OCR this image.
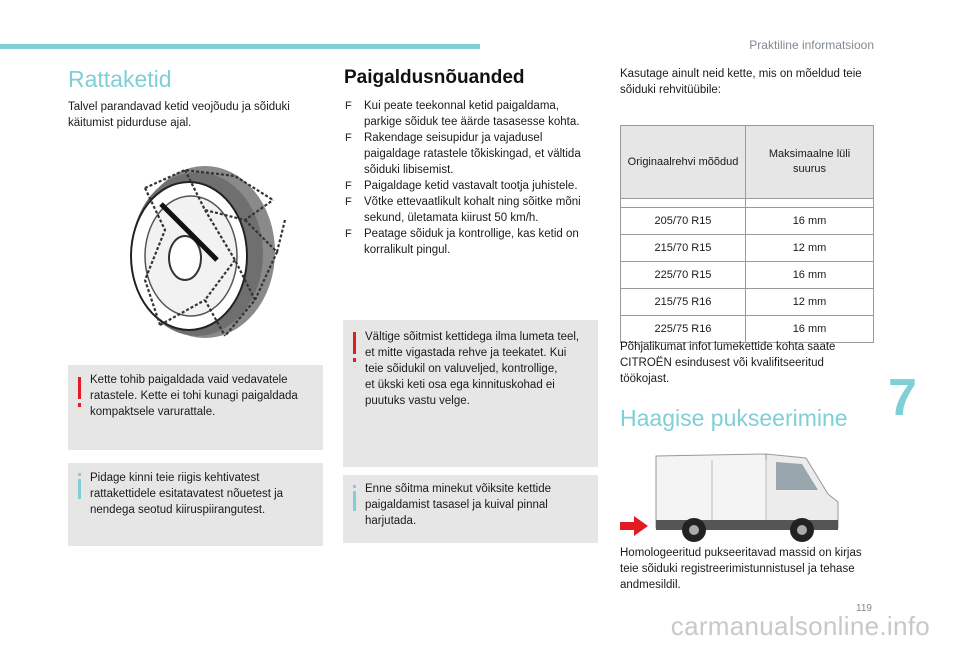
Praktiline informatsioon
Rattaketid
Talvel parandavad ketid veojõudu ja sõiduki käitumist pidurduse ajal.
Kette tohib paigaldada vaid vedavatele
ratastele. Kette ei tohi kunagi paigaldada
kompaktsele varurattale.
Pidage kinni teie riigis kehtivatest
rattakettidele esitatavatest nõuetest ja
nendega seotud kiiruspiirangutest.
Paigaldusnõuanded
F Kui peate teekonnal ketid paigaldama,
parkige sõiduk tee äärde tasasesse kohta.
F Rakendage seisupidur ja vajadusel
paigaldage ratastele tõkiskingad, et vältida
sõiduki libisemist.
F Paigaldage ketid vastavalt tootja juhistele.
F Võtke ettevaatlikult kohalt ning sõitke mõni
sekund, ületamata kiirust 50 km/h.
F Peatage sõiduk ja kontrollige, kas ketid on
korralikult pingul.
Vältige sõitmist kettidega ilma lumeta teel,
et mitte vigastada rehve ja teekatet. Kui
teie sõidukil on valuveljed, kontrollige,
et ükski keti osa ega kinnituskohad ei
puutuks vastu velge.
Enne sõitma minekut võiksite kettide
paigaldamist tasasel ja kuival pinnal
harjutada.
Kasutage ainult neid kette, mis on mõeldud teie
sõiduki rehvitüübile:
Originaalrehvi mõõdud	Maksimaalne lüli suurus

205/70 R15	16 mm
215/70 R15	12 mm
225/70 R15	16 mm
215/75 R16	12 mm
225/75 R16	16 mm
Põhjalikumat infot lumekettide kohta saate
CITROËN esindusest või kvalifitseeritud
töökojast.
Haagise pukseerimine
Homologeeritud pukseeritavad massid on kirjas
teie sõiduki registreerimistunnistusel ja tehase
andmesildil.
7
119
carmanualsonline.info
